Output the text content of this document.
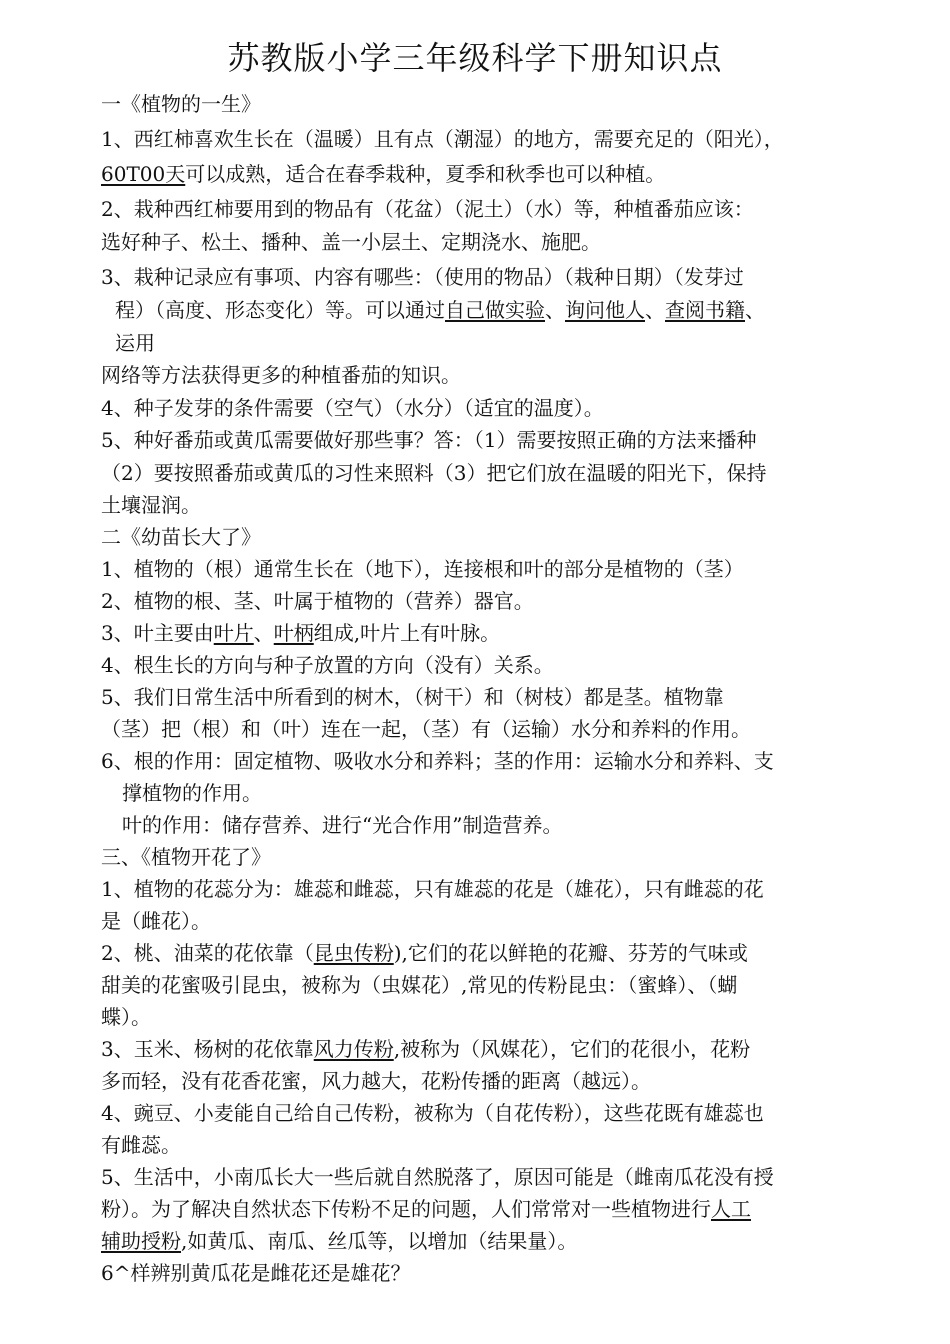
苏教版小学三年级科学下册知识点
一《植物的一生》
1、西红柿喜欢生长在（温暖）且有点（潮湿）的地方，需要充足的（阳光），
60T00天可以成熟，适合在春季栽种，夏季和秋季也可以种植。
2、栽种西红柿要用到的物品有（花盆）（泥土）（水）等，种植番茄应该：
选好种子、松土、播种、盖一小层土、定期浇水、施肥。
3、栽种记录应有事项、内容有哪些：（使用的物品）（栽种日期）（发芽过
程）（高度、形态变化）等。可以通过自己做实验、询问他人、查阅书籍、
运用
网络等方法获得更多的种植番茄的知识。
4、种子发芽的条件需要（空气）（水分）（适宜的温度）。
5、种好番茄或黄瓜需要做好那些事？答：（1）需要按照正确的方法来播种
（2）要按照番茄或黄瓜的习性来照料（3）把它们放在温暖的阳光下，保持
土壤湿润。
二《幼苗长大了》
1、植物的（根）通常生长在（地下），连接根和叶的部分是植物的（茎）
2、植物的根、茎、叶属于植物的（营养）器官。
3、叶主要由叶片、叶柄组成,叶片上有叶脉。
4、根生长的方向与种子放置的方向（没有）关系。
5、我们日常生活中所看到的树木，（树干）和（树枝）都是茎。植物靠
（茎）把（根）和（叶）连在一起，（茎）有（运输）水分和养料的作用。
6、根的作用：固定植物、吸收水分和养料；茎的作用：运输水分和养料、支
撑植物的作用。
叶的作用：储存营养、进行“光合作用”制造营养。
三、《植物开花了》
1、植物的花蕊分为：雄蕊和雌蕊，只有雄蕊的花是（雄花），只有雌蕊的花
是（雌花）。
2、桃、油菜的花依靠（昆虫传粉),它们的花以鲜艳的花瓣、芬芳的气味或
甜美的花蜜吸引昆虫，被称为（虫媒花）,常见的传粉昆虫：（蜜蜂）、（蝴
蝶）。
3、玉米、杨树的花依靠风力传粉,被称为（风媒花），它们的花很小，花粉
多而轻，没有花香花蜜，风力越大，花粉传播的距离（越远）。
4、豌豆、小麦能自己给自己传粉，被称为（自花传粉），这些花既有雄蕊也
有雌蕊。
5、生活中，小南瓜长大一些后就自然脱落了，原因可能是（雌南瓜花没有授
粉）。为了解决自然状态下传粉不足的问题，人们常常对一些植物进行人工
辅助授粉,如黄瓜、南瓜、丝瓜等，以增加（结果量）。
6^样辨别黄瓜花是雌花还是雄花？
